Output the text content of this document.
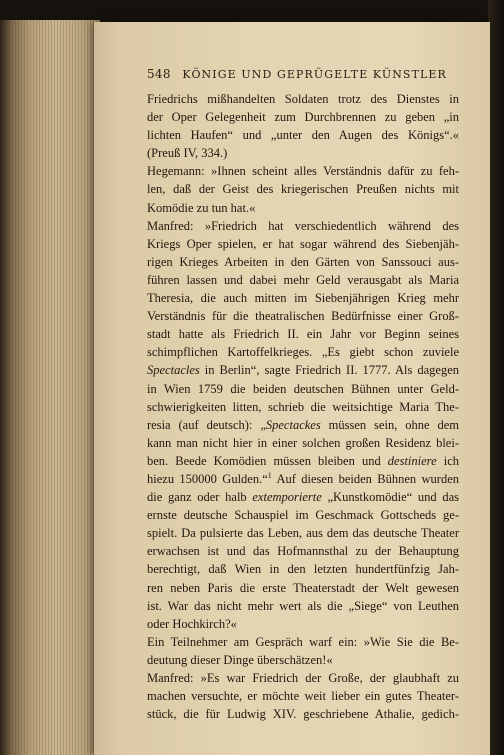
548 KÖNIGE UND GEPRÜGELTE KÜNSTLER
Friedrichs mißhandelten Soldaten trotz des Dienstes in
der Oper Gelegenheit zum Durchbrennen zu geben „in
lichten Haufen“ und „unter den Augen des Königs“.«
(Preuß IV, 334.)
Hegemann: »Ihnen scheint alles Verständnis dafür zu feh-
len, daß der Geist des kriegerischen Preußen nichts mit
Komödie zu tun hat.«
Manfred: »Friedrich hat verschiedentlich während des
Kriegs Oper spielen, er hat sogar während des Siebenjäh-
rigen Krieges Arbeiten in den Gärten von Sanssouci aus-
führen lassen und dabei mehr Geld verausgabt als Maria
Theresia, die auch mitten im Siebenjährigen Krieg mehr
Verständnis für die theatralischen Bedürfnisse einer Groß-
stadt hatte als Friedrich II. ein Jahr vor Beginn seines
schimpflichen Kartoffelkrieges. „Es giebt schon zuviele
Spectacles in Berlin“, sagte Friedrich II. 1777. Als dagegen
in Wien 1759 die beiden deutschen Bühnen unter Geld-
schwierigkeiten litten, schrieb die weitsichtige Maria The-
resia (auf deutsch): „Spectackes müssen sein, ohne dem
kann man nicht hier in einer solchen großen Residenz blei-
ben. Beede Komödien müssen bleiben und destiniere ich
hiezu 150000 Gulden.“$^1$ Auf diesen beiden Bühnen wurden
die ganz oder halb extemporierte „Kunstkomödie“ und das
ernste deutsche Schauspiel im Geschmack Gottscheds ge-
spielt. Da pulsierte das Leben, aus dem das deutsche Theater
erwachsen ist und das Hofmannsthal zu der Behauptung
berechtigt, daß Wien in den letzten hundertfünfzig Jah-
ren neben Paris die erste Theaterstadt der Welt gewesen
ist. War das nicht mehr wert als die „Siege“ von Leuthen
oder Hochkirch?«
Ein Teilnehmer am Gespräch warf ein: »Wie Sie die Be-
deutung dieser Dinge überschätzen!«
Manfred: »Es war Friedrich der Große, der glaubhaft zu
machen versuchte, er möchte weit lieber ein gutes Theater-
stück, die für Ludwig XIV. geschriebene Athalie, gedich-
